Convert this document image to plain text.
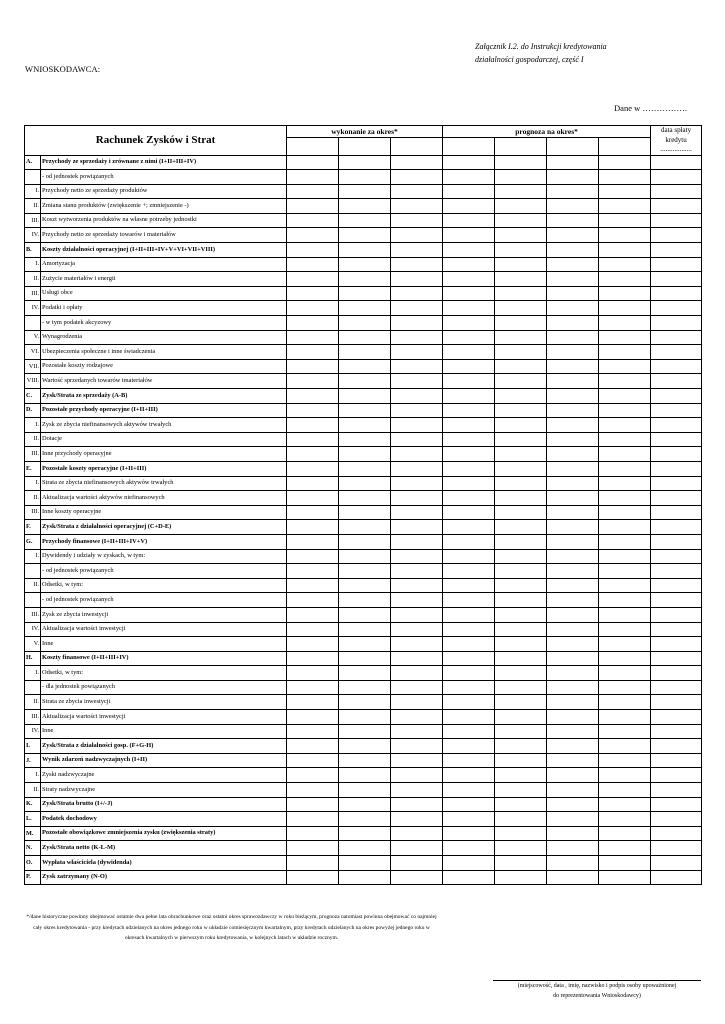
Załącznik I.2. do Instrukcji kredytowania
działalności gospodarczej, część I
WNIOSKODAWCA:
Dane w …………….
Rachunek Zysków i Strat		wykonanie za okres*			prognoza na okres*				data spłaty kredytu ..................

A.	Przychody ze sprzedaży i zrównane z nimi (I+II+III+IV)								
	- od jednostek powiązanych								
I.	Przychody netto ze sprzedaży produktów								
II.	Zmiana stanu produktów (zwiększenie +; zmniejszenie -)								
III.	Koszt wytworzenia produktów na własne potrzeby jednostki								
IV.	Przychody netto ze sprzedaży towarów i materiałów								
B.	Koszty działalności operacyjnej (I+II+III+IV+V+VI+VII+VIII)								
I.	Amortyzacja								
II.	Zużycie materiałów i energii								
III.	Usługi obce								
IV.	Podatki i opłaty								
	- w tym podatek akcyzowy								
V.	Wynagrodzenia								
VI.	Ubezpieczenia społeczne i inne świadczenia								
VII.	Pozostałe koszty rodzajowe								
VIII.	Wartość sprzedanych towarów imateriałów								
C.	Zysk/Strata ze sprzedaży (A-B)								
D.	Pozostałe przychody operacyjne (I+II+III)								
I.	Zysk ze zbycia niefinansowych aktywów trwałych								
II.	Dotacje								
III.	Inne przychody operacyjne								
E.	Pozostałe koszty operacyjne (I+II+III)								
I.	Strata ze zbycia niefinansowych aktywów trwałych								
II.	Aktualizacja wartości aktywów niefinansowych								
III.	Inne koszty operacyjne								
F.	Zysk/Strata z działalności operacyjnej (C+D-E)								
G.	Przychody finansowe (I+II+III+IV+V)								
I.	Dywidendy i udziały w zyskach, w tym:								
	- od jednostek powiązanych								
II.	Odsetki, w tym:								
	- od jednostek powiązanych								
III.	Zysk ze zbycia inwestycji								
IV.	Aktualizacja wartości inwestycji								
V.	Inne								
H.	Koszty finansowe (I+II+III+IV)								
I.	Odsetki, w tym:								
	- dla jednostek powiązanych								
II.	Strata ze zbycia inwestycji								
III.	Aktualizacja wartości inwestycji								
IV.	Inne								
I.	Zysk/Strata z działalności gosp. (F+G-H)								
J.	Wynik zdarzeń nadzwyczajnych (I+II)								
I.	Zyski nadzwyczajne								
II.	Straty nadzwyczajne								
K.	Zysk/Strata brutto (I+/-J)								
L.	Podatek dochodowy								
M.	Pozostałe obowiązkowe zmniejszenia zysku (zwiększenia straty)								
N.	Zysk/Strata netto (K-L-M)								
O.	Wypłata właściciela (dywidenda)								
P.	Zysk zatrzymany (N-O)								
*/dane historyczne powinny obejmować ostatnie dwa pełne lata obrachunkowe oraz ostatni okres sprawozdawczy w roku bieżącym, prognoza natomiast powinna obejmować co najmniej cały okres kredytowania - przy kredytach udzielanych na okres jednego roku w układzie comiesięcznym kwartalnym, przy kredytach udzielanych na okres powyżej jednego roku w okresach kwartalnych w pierwszym roku kredytowania, w kolejnych latach w układzie rocznym.
(miejscowość, data , imię, nazwisko i podpis osoby upoważnionej
do reprezentowania Wnioskodawcy)
